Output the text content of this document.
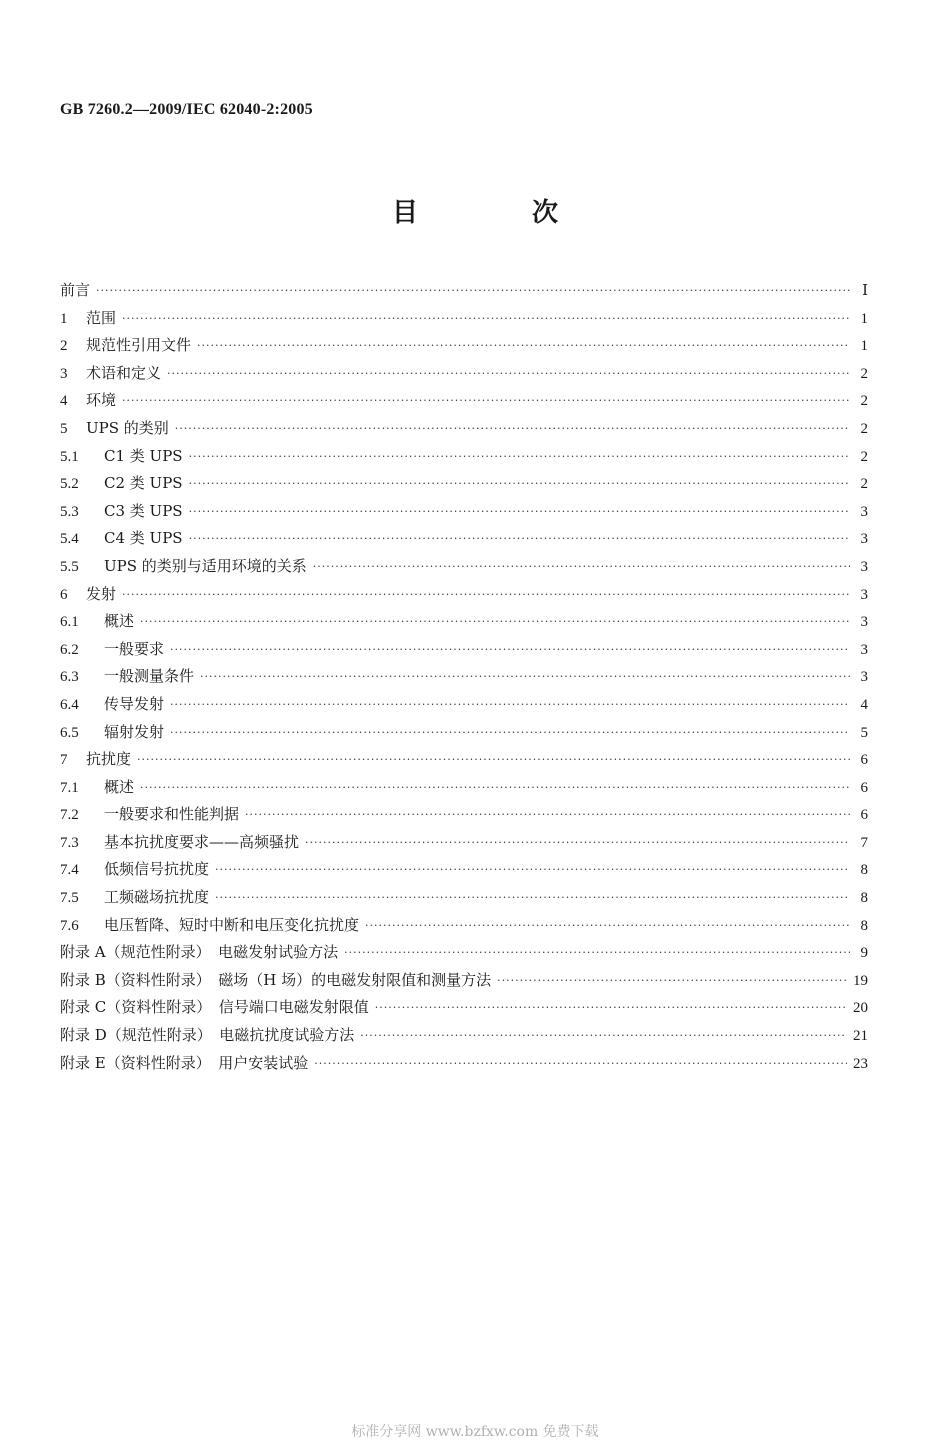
GB 7260.2—2009/IEC 62040-2:2005
目　次
前言 ·····	Ⅰ
1	范围 ·····	1
2	规范性引用文件 ·····	1
3	术语和定义 ·····	2
4	环境 ·····	2
5	UPS 的类别 ·····	2
5.1	C1 类 UPS ·····	2
5.2	C2 类 UPS ·····	2
5.3	C3 类 UPS ·····	3
5.4	C4 类 UPS ·····	3
5.5	UPS 的类别与适用环境的关系 ·····	3
6	发射 ·····	3
6.1	概述 ·····	3
6.2	一般要求 ·····	3
6.3	一般测量条件 ·····	3
6.4	传导发射 ·····	4
6.5	辐射发射 ·····	5
7	抗扰度 ·····	6
7.1	概述 ·····	6
7.2	一般要求和性能判据 ·····	6
7.3	基本抗扰度要求——高频骚扰 ·····	7
7.4	低频信号抗扰度 ·····	8
7.5	工频磁场抗扰度 ·····	8
7.6	电压暂降、短时中断和电压变化抗扰度 ·····	8
附录 A（规范性附录）　电磁发射试验方法 ·····	9
附录 B（资料性附录）　磁场（H 场）的电磁发射限值和测量方法 ·····	19
附录 C（资料性附录）　信号端口电磁发射限值 ·····	20
附录 D（规范性附录）　电磁抗扰度试验方法 ·····	21
附录 E（资料性附录）　用户安装试验 ·····	23
标准分享网 www.bzfxw.com 免费下载
